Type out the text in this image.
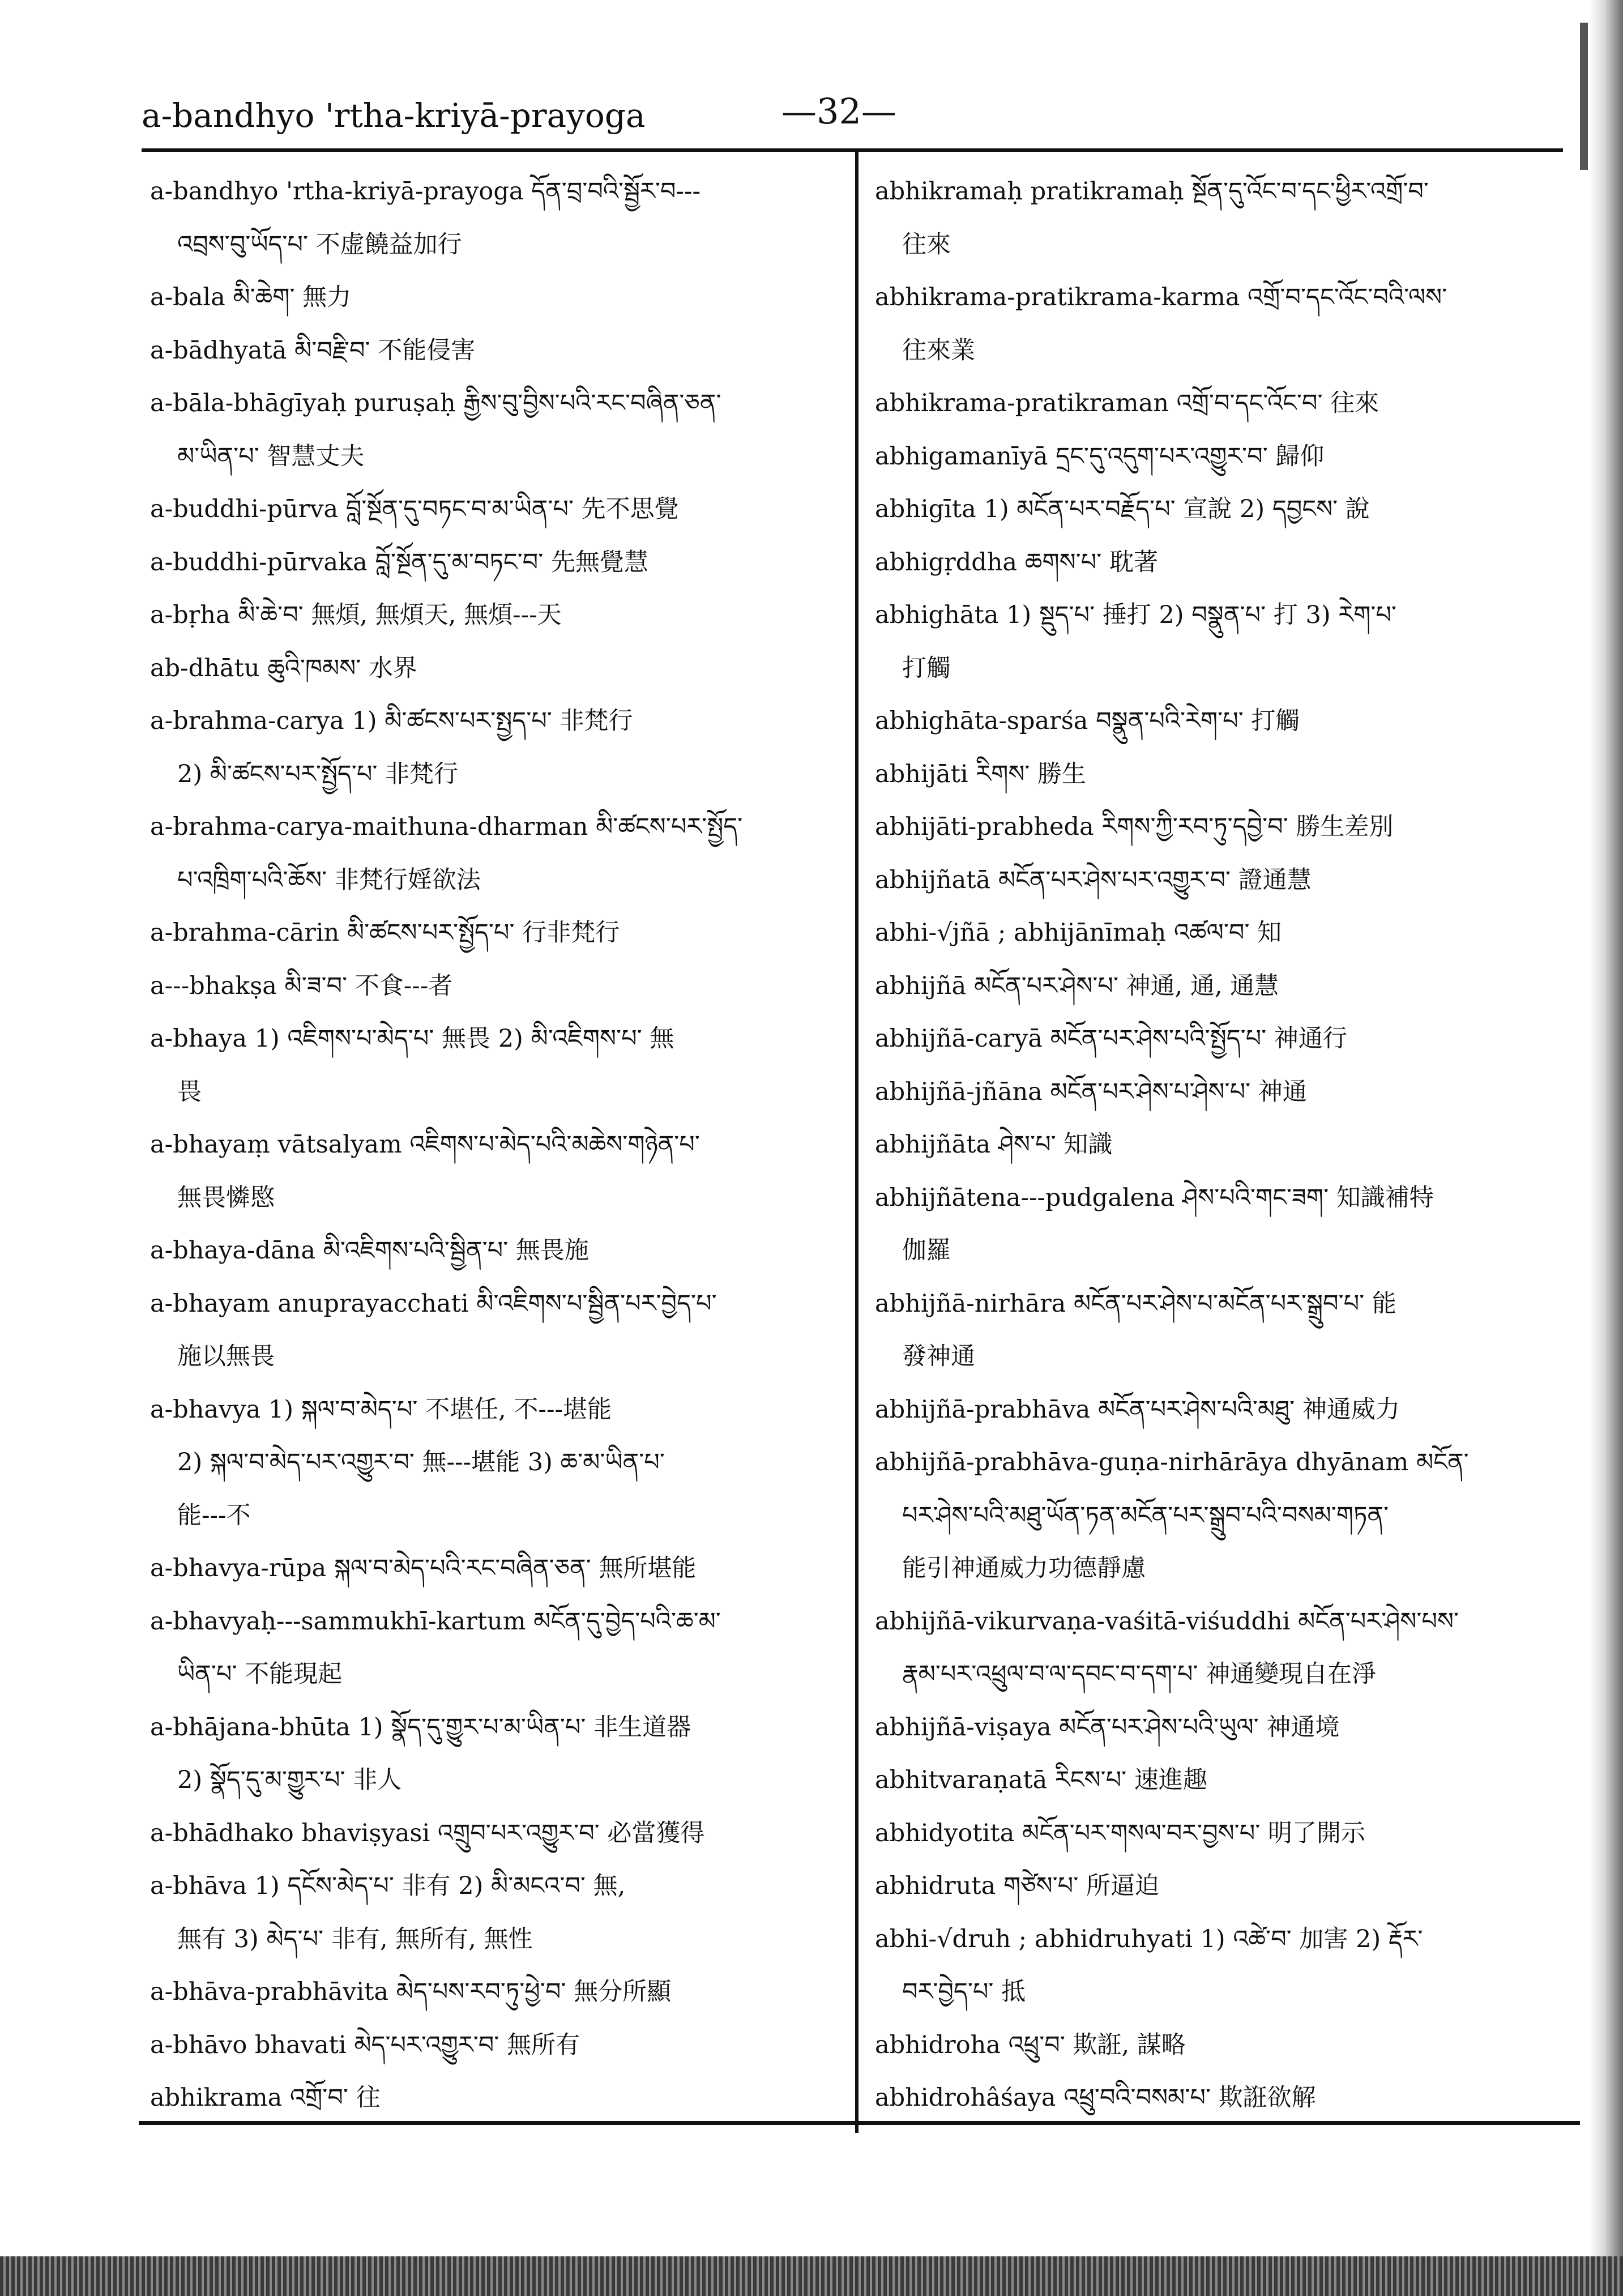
a-bandhyo 'rtha-kriyā-prayoga	—32—
a-bandhyo 'rtha-kriyā-prayoga དོན་བྲ་བའི་སྦྱོར་བ---
འབྲས་བུ་ཡོད་པ་ 不虚饒益加行
a-bala མི་ཆེག་ 無力
a-bādhyatā མི་བརྗི་བ་ 不能侵害
a-bāla-bhāgīyaḥ puruṣaḥ རྒྱིས་བུ་བྱིས་པའི་རང་བཞིན་ཅན་
མ་ཡིན་པ་ 智慧丈夫
a-buddhi-pūrva བློ་སྔོན་དུ་བཏང་བ་མ་ཡིན་པ་ 先不思覺
a-buddhi-pūrvaka བློ་སྔོན་དུ་མ་བཏང་བ་ 先無覺慧
a-bṛha མི་ཆེ་བ་ 無煩, 無煩天, 無煩---天
ab-dhātu ཆུའི་ཁམས་ 水界
a-brahma-carya 1) མི་ཚངས་པར་སྤྱད་པ་ 非梵行
2) མི་ཚངས་པར་སྤྱོད་པ་ 非梵行
a-brahma-carya-maithuna-dharman མི་ཚངས་པར་སྤྱོད་
པ་འཁྲིག་པའི་ཆོས་ 非梵行婬欲法
a-brahma-cārin མི་ཚངས་པར་སྤྱོད་པ་ 行非梵行
a---bhakṣa མི་ཟ་བ་ 不食---者
a-bhaya 1) འཇིགས་པ་མེད་པ་ 無畏 2) མི་འཇིགས་པ་ 無
畏
a-bhayaṃ vātsalyam འཇིགས་པ་མེད་པའི་མཆེས་གཉེན་པ་
無畏憐愍
a-bhaya-dāna མི་འཇིགས་པའི་སྦྱིན་པ་ 無畏施
a-bhayam anuprayacchati མི་འཇིགས་པ་སྦྱིན་པར་བྱེད་པ་
施以無畏
a-bhavya 1) སྐལ་བ་མེད་པ་ 不堪任, 不---堪能
2) སྐལ་བ་མེད་པར་འགྱུར་བ་ 無---堪能 3) ཆ་མ་ཡིན་པ་
能---不
a-bhavya-rūpa སྐལ་བ་མེད་པའི་རང་བཞིན་ཅན་ 無所堪能
a-bhavyaḥ---sammukhī-kartum མངོན་དུ་བྱེད་པའི་ཆ་མ་
ཡིན་པ་ 不能現起
a-bhājana-bhūta 1) སྣོད་དུ་གྱུར་པ་མ་ཡིན་པ་ 非生道器
2) སྣོད་དུ་མ་གྱུར་པ་ 非人
a-bhādhako bhaviṣyasi འགྲུབ་པར་འགྱུར་བ་ 必當獲得
a-bhāva 1) དངོས་མེད་པ་ 非有 2) མི་མངའ་བ་ 無,
無有 3) མེད་པ་ 非有, 無所有, 無性
a-bhāva-prabhāvita མེད་པས་རབ་ཏུ་ཕྱེ་བ་ 無分所顯
a-bhāvo bhavati མེད་པར་འགྱུར་བ་ 無所有
abhikrama འགྲོ་བ་ 往
abhikramaḥ pratikramaḥ སྔོན་དུ་འོང་བ་དང་ཕྱིར་འགྲོ་བ་
往來
abhikrama-pratikrama-karma འགྲོ་བ་དང་འོང་བའི་ལས་
往來業
abhikrama-pratikraman འགྲོ་བ་དང་འོང་བ་ 往來
abhigamanīyā དྲང་དུ་འདུག་པར་འགྱུར་བ་ 歸仰
abhigīta 1) མངོན་པར་བརྗོད་པ་ 宣說 2) དབྱངས་ 說
abhigṛddha ཆགས་པ་ 耽著
abhighāta 1) སྡུད་པ་ 捶打 2) བསྣུན་པ་ 打 3) རེག་པ་
打觸
abhighāta-sparśa བསྣུན་པའི་རེག་པ་ 打觸
abhijāti རིགས་ 勝生
abhijāti-prabheda རིགས་ཀྱི་རབ་ཏུ་དབྱེ་བ་ 勝生差別
abhijñatā མངོན་པར་ཤེས་པར་འགྱུར་བ་ 證通慧
abhi-√jñā ; abhijānīmaḥ འཚལ་བ་ 知
abhijñā མངོན་པར་ཤེས་པ་ 神通, 通, 通慧
abhijñā-caryā མངོན་པར་ཤེས་པའི་སྤྱོད་པ་ 神通行
abhijñā-jñāna མངོན་པར་ཤེས་པ་ཤེས་པ་ 神通
abhijñāta ཤེས་པ་ 知識
abhijñātena---pudgalena ཤེས་པའི་གང་ཟག་ 知識補特
伽羅
abhijñā-nirhāra མངོན་པར་ཤེས་པ་མངོན་པར་སྒྲུབ་པ་ 能
發神通
abhijñā-prabhāva མངོན་པར་ཤེས་པའི་མཐུ་ 神通威力
abhijñā-prabhāva-guṇa-nirhārāya dhyānam མངོན་
པར་ཤེས་པའི་མཐུ་ཡོན་ཏན་མངོན་པར་སྒྲུབ་པའི་བསམ་གཏན་
能引神通威力功德靜慮
abhijñā-vikurvaṇa-vaśitā-viśuddhi མངོན་པར་ཤེས་པས་
རྣམ་པར་འཕྲུལ་བ་ལ་དབང་བ་དག་པ་ 神通變現自在淨
abhijñā-viṣaya མངོན་པར་ཤེས་པའི་ཡུལ་ 神通境
abhitvaraṇatā རིངས་པ་ 速進趣
abhidyotita མངོན་པར་གསལ་བར་བྱས་པ་ 明了開示
abhidruta གཙེས་པ་ 所逼迫
abhi-√druh ; abhidruhyati 1) འཚེ་བ་ 加害 2) རྡོར་
བར་བྱེད་པ་ 抵
abhidroha འཕྲུ་བ་ 欺誑, 謀略
abhidrohâśaya འཕྲུ་བའི་བསམ་པ་ 欺誑欲解
